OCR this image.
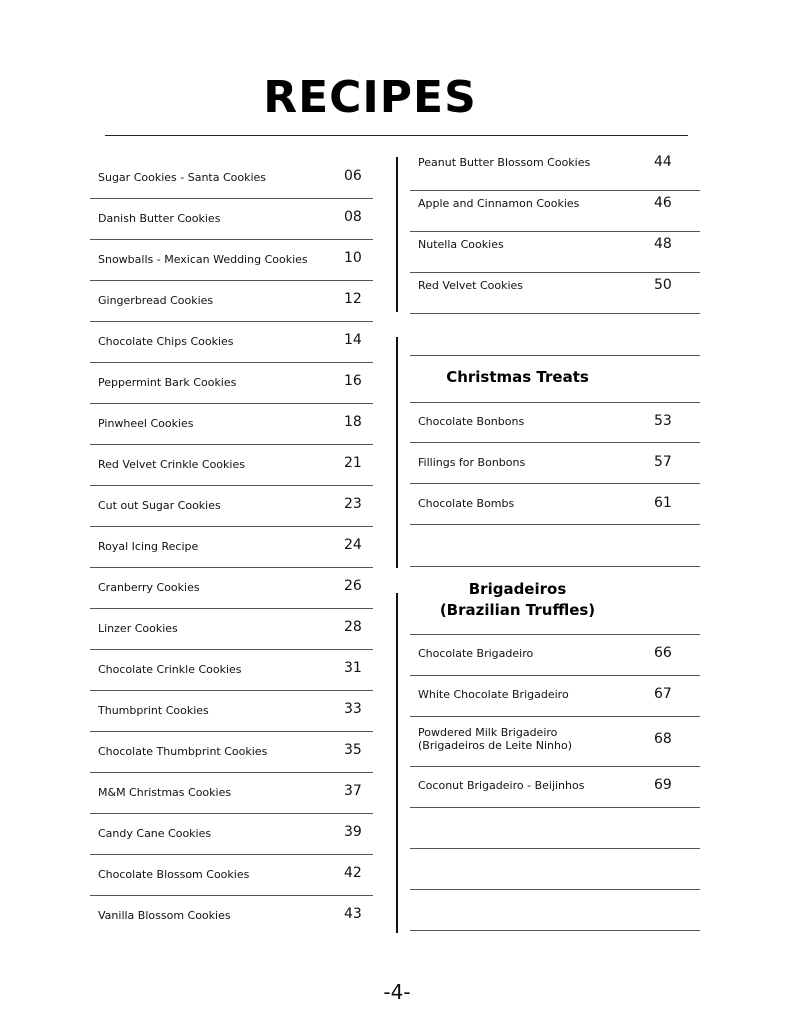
RECIPES
Sugar Cookies - Santa Cookies	06
Danish Butter Cookies	08
Snowballs - Mexican Wedding Cookies	10
Gingerbread Cookies	12
Chocolate Chips Cookies	14
Peppermint Bark Cookies	16
Pinwheel Cookies	18
Red Velvet Crinkle Cookies	21
Cut out Sugar Cookies	23
Royal Icing Recipe	24
Cranberry Cookies	26
Linzer Cookies	28
Chocolate Crinkle Cookies	31
Thumbprint Cookies	33
Chocolate Thumbprint Cookies	35
M&M Christmas Cookies	37
Candy Cane Cookies	39
Chocolate Blossom Cookies	42
Vanilla Blossom Cookies	43
Peanut Butter Blossom Cookies	44
Apple and Cinnamon Cookies	46
Nutella Cookies	48
Red Velvet Cookies	50
Chocolate Bonbons	53
Fillings for Bonbons	57
Chocolate Bombs	61
Chocolate Brigadeiro	66
White Chocolate Brigadeiro	67
Powdered Milk Brigadeiro
(Brigadeiros de Leite Ninho)	68
Coconut Brigadeiro - Beijinhos	69
Christmas Treats
Brigadeiros
(Brazilian Truffles)
-4-
